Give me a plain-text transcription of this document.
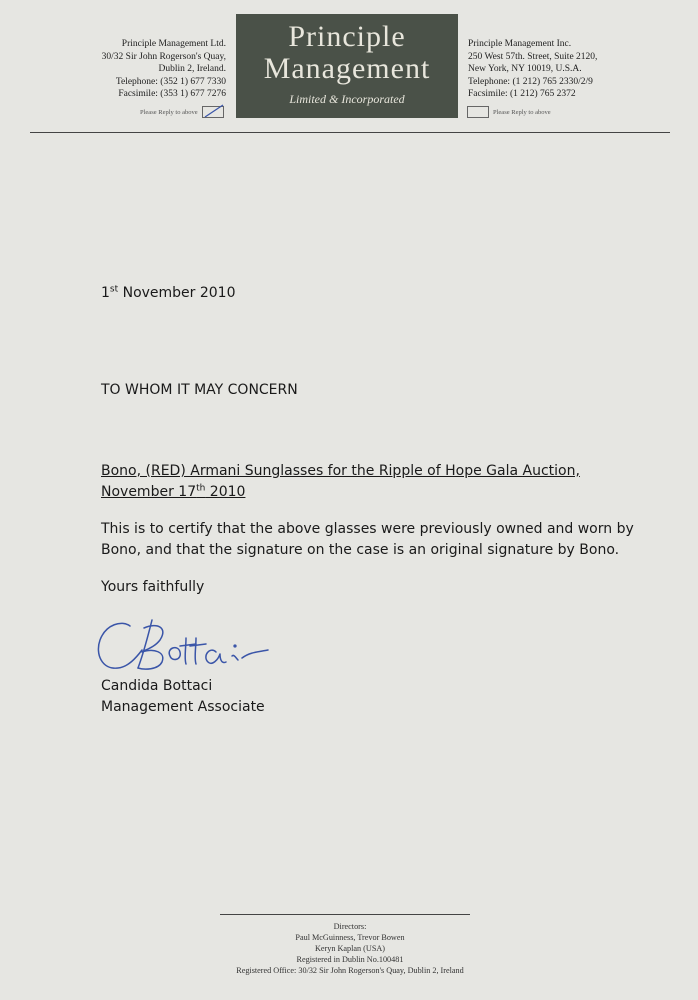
Principle Management Ltd.
30/32 Sir John Rogerson's Quay,
Dublin 2, Ireland.
Telephone: (352 1) 677 7330
Facsimile: (353 1) 677 7276
Principle
Management
Limited & Incorporated
Principle Management Inc.
250 West 57th. Street, Suite 2120,
New York, NY 10019, U.S.A.
Telephone: (1 212) 765 2330/2/9
Facsimile: (1 212) 765 2372
Please Reply to above	Please Reply to above
1st November 2010
TO WHOM IT MAY CONCERN
Bono, (RED) Armani Sunglasses for the Ripple of Hope Gala Auction,
November 17th 2010
This is to certify that the above glasses were previously owned and worn by Bono, and that the signature on the case is an original signature by Bono.
Yours faithfully
Candida Bottaci
Management Associate
Directors:
Paul McGuinness, Trevor Bowen
Keryn Kaplan (USA)
Registered in Dublin No.100481
Registered Office: 30/32 Sir John Rogerson's Quay, Dublin 2, Ireland
